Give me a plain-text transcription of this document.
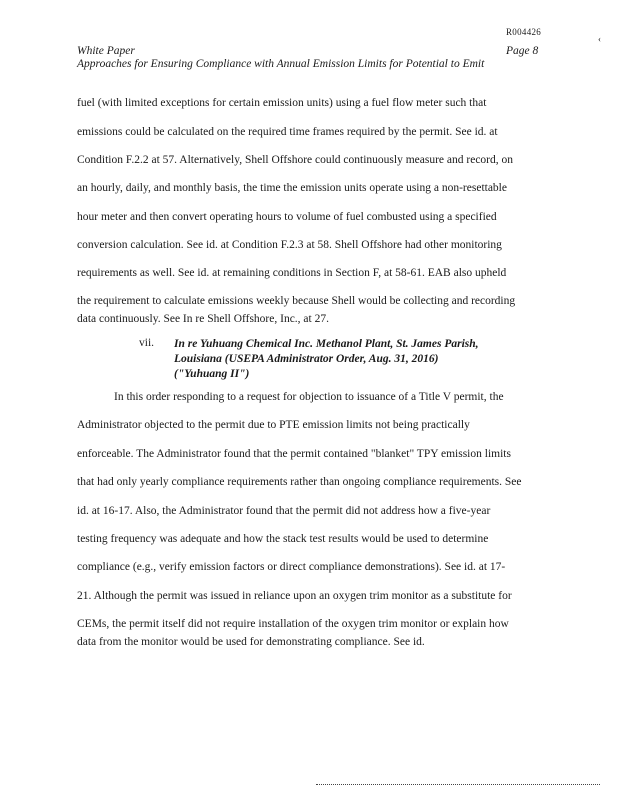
R004426
‹
White Paper
Approaches for Ensuring Compliance with Annual Emission Limits for Potential to Emit
Page 8
fuel (with limited exceptions for certain emission units) using a fuel flow meter such that
emissions could be calculated on the required time frames required by the permit. See id. at
Condition F.2.2 at 57. Alternatively, Shell Offshore could continuously measure and record, on
an hourly, daily, and monthly basis, the time the emission units operate using a non-resettable
hour meter and then convert operating hours to volume of fuel combusted using a specified
conversion calculation. See id. at Condition F.2.3 at 58. Shell Offshore had other monitoring
requirements as well. See id. at remaining conditions in Section F, at 58-61. EAB also upheld
the requirement to calculate emissions weekly because Shell would be collecting and recording
data continuously. See In re Shell Offshore, Inc., at 27.
vii. In re Yuhuang Chemical Inc. Methanol Plant, St. James Parish,
Louisiana (USEPA Administrator Order, Aug. 31, 2016)
("Yuhuang II")
In this order responding to a request for objection to issuance of a Title V permit, the
Administrator objected to the permit due to PTE emission limits not being practically
enforceable. The Administrator found that the permit contained "blanket" TPY emission limits
that had only yearly compliance requirements rather than ongoing compliance requirements. See
id. at 16-17. Also, the Administrator found that the permit did not address how a five-year
testing frequency was adequate and how the stack test results would be used to determine
compliance (e.g., verify emission factors or direct compliance demonstrations). See id. at 17-
21. Although the permit was issued in reliance upon an oxygen trim monitor as a substitute for
CEMs, the permit itself did not require installation of the oxygen trim monitor or explain how
data from the monitor would be used for demonstrating compliance. See id.
